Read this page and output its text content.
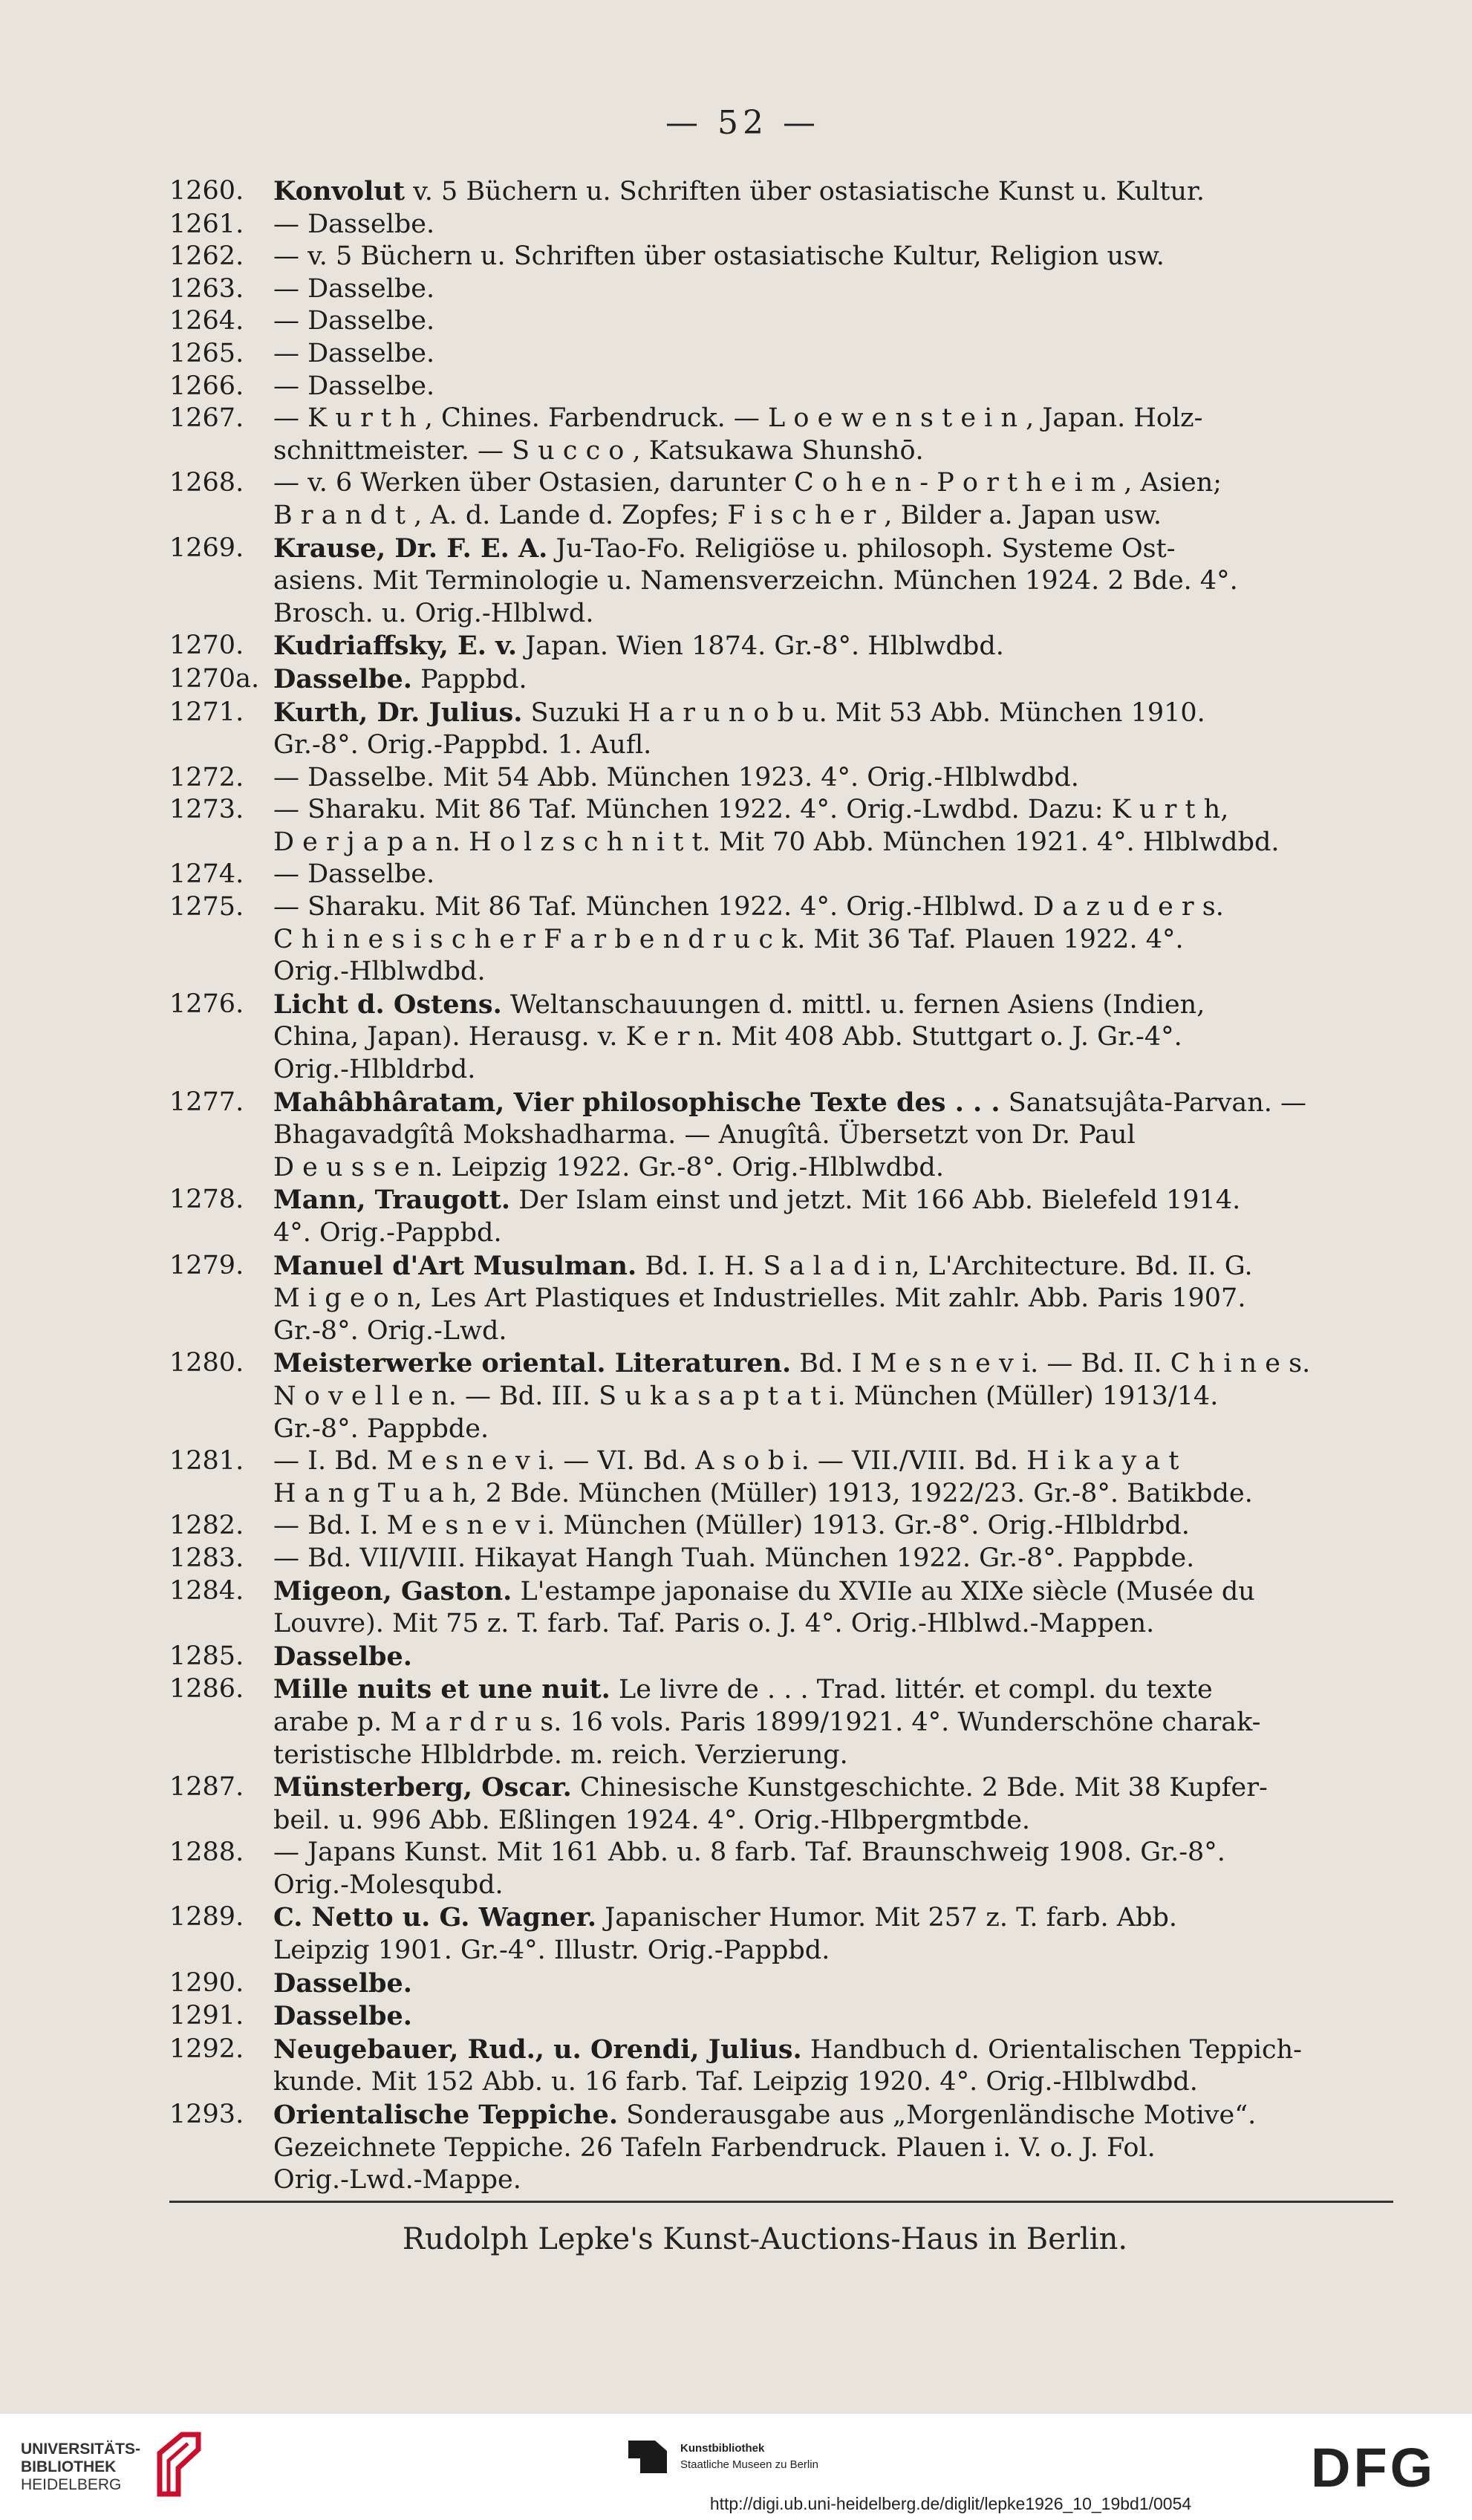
— 52 —
1260.	Konvolut v. 5 Büchern u. Schriften über ostasiatische Kunst u. Kultur.
1261.	— Dasselbe.
1262.	— v. 5 Büchern u. Schriften über ostasiatische Kultur, Religion usw.
1263.	— Dasselbe.
1264.	— Dasselbe.
1265.	— Dasselbe.
1266.	— Dasselbe.
1267.	— K u r t h , Chines. Farbendruck. — L o e w e n s t e i n , Japan. Holz-
schnittmeister. — S u c c o , Katsukawa Shunshō.
1268.	— v. 6 Werken über Ostasien, darunter C o h e n - P o r t h e i m , Asien;
B r a n d t , A. d. Lande d. Zopfes; F i s c h e r , Bilder a. Japan usw.
1269.	Krause, Dr. F. E. A. Ju-Tao-Fo. Religiöse u. philosoph. Systeme Ost-
asiens. Mit Terminologie u. Namensverzeichn. München 1924. 2 Bde. 4°.
Brosch. u. Orig.-Hlblwd.
1270.	Kudriaffsky, E. v. Japan. Wien 1874. Gr.-8°. Hlblwdbd.
1270a. Dasselbe. Pappbd.
1271.	Kurth, Dr. Julius. Suzuki H a r u n o b u. Mit 53 Abb. München 1910.
Gr.-8°. Orig.-Pappbd. 1. Aufl.
1272.	— Dasselbe. Mit 54 Abb. München 1923. 4°. Orig.-Hlblwdbd.
1273.	— Sharaku. Mit 86 Taf. München 1922. 4°. Orig.-Lwdbd. Dazu: K u r t h,
D e r j a p a n. H o l z s c h n i t t. Mit 70 Abb. München 1921. 4°. Hlblwdbd.
1274.	— Dasselbe.
1275.	— Sharaku. Mit 86 Taf. München 1922. 4°. Orig.-Hlblwd. D a z u d e r s.
C h i n e s i s c h e r F a r b e n d r u c k. Mit 36 Taf. Plauen 1922. 4°.
Orig.-Hlblwdbd.
1276.	Licht d. Ostens. Weltanschauungen d. mittl. u. fernen Asiens (Indien,
China, Japan). Herausg. v. K e r n. Mit 408 Abb. Stuttgart o. J. Gr.-4°.
Orig.-Hlbldrbd.
1277.	Mahâbhâratam, Vier philosophische Texte des . . . Sanatsujâta-Parvan. —
Bhagavadgîtâ Mokshadharma. — Anugîtâ. Übersetzt von Dr. Paul
D e u s s e n. Leipzig 1922. Gr.-8°. Orig.-Hlblwdbd.
1278.	Mann, Traugott. Der Islam einst und jetzt. Mit 166 Abb. Bielefeld 1914.
4°. Orig.-Pappbd.
1279.	Manuel d'Art Musulman. Bd. I. H. S a l a d i n, L'Architecture. Bd. II. G.
M i g e o n, Les Art Plastiques et Industrielles. Mit zahlr. Abb. Paris 1907.
Gr.-8°. Orig.-Lwd.
1280.	Meisterwerke oriental. Literaturen. Bd. I M e s n e v i. — Bd. II. C h i n e s.
N o v e l l e n. — Bd. III. S u k a s a p t a t i. München (Müller) 1913/14.
Gr.-8°. Pappbde.
1281.	— I. Bd. M e s n e v i. — VI. Bd. A s o b i. — VII./VIII. Bd. H i k a y a t
H a n g T u a h, 2 Bde. München (Müller) 1913, 1922/23. Gr.-8°. Batikbde.
1282.	— Bd. I. M e s n e v i. München (Müller) 1913. Gr.-8°. Orig.-Hlbldrbd.
1283.	— Bd. VII/VIII. Hikayat Hangh Tuah. München 1922. Gr.-8°. Pappbde.
1284.	Migeon, Gaston. L'estampe japonaise du XVIIe au XIXe siècle (Musée du
Louvre). Mit 75 z. T. farb. Taf. Paris o. J. 4°. Orig.-Hlblwd.-Mappen.
1285.	Dasselbe.
1286.	Mille nuits et une nuit. Le livre de . . . Trad. littér. et compl. du texte
arabe p. M a r d r u s. 16 vols. Paris 1899/1921. 4°. Wunderschöne charak-
teristische Hlbldrbde. m. reich. Verzierung.
1287.	Münsterberg, Oscar. Chinesische Kunstgeschichte. 2 Bde. Mit 38 Kupfer-
beil. u. 996 Abb. Eßlingen 1924. 4°. Orig.-Hlbpergmtbde.
1288.	— Japans Kunst. Mit 161 Abb. u. 8 farb. Taf. Braunschweig 1908. Gr.-8°.
Orig.-Molesqubd.
1289.	C. Netto u. G. Wagner. Japanischer Humor. Mit 257 z. T. farb. Abb.
Leipzig 1901. Gr.-4°. Illustr. Orig.-Pappbd.
1290.	Dasselbe.
1291.	Dasselbe.
1292.	Neugebauer, Rud., u. Orendi, Julius. Handbuch d. Orientalischen Teppich-
kunde. Mit 152 Abb. u. 16 farb. Taf. Leipzig 1920. 4°. Orig.-Hlblwdbd.
1293.	Orientalische Teppiche. Sonderausgabe aus „Morgenländische Motive“.
Gezeichnete Teppiche. 26 Tafeln Farbendruck. Plauen i. V. o. J. Fol.
Orig.-Lwd.-Mappe.
Rudolph Lepke's Kunst-Auctions-Haus in Berlin.
UNIVERSITÄTS-
BIBLIOTHEK
HEIDELBERG
Kunstbibliothek
Staatliche Museen zu Berlin	DFG
http://digi.ub.uni-heidelberg.de/diglit/lepke1926_10_19bd1/0054
